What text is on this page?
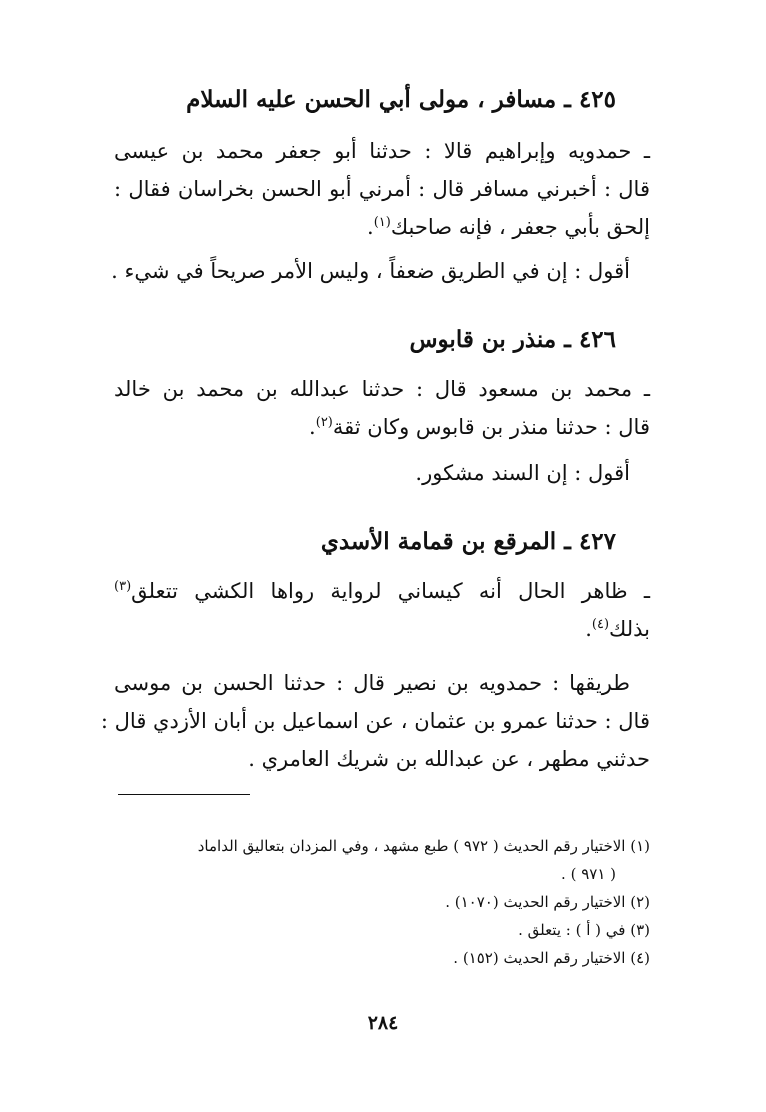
٤٢٥ ـ مسافر ، مولى أبي الحسن عليه السلام
ـ حمدويه وإبراهيم قالا : حدثنا أبو جعفر محمد بن عيسى
قال : أخبرني مسافر قال : أمرني أبو الحسن بخراسان فقال :
إلحق بأبي جعفر ، فإنه صاحبك$^{(١)}$.
أقول : إن في الطريق ضعفاً ، وليس الأمر صريحاً في شيء .
٤٢٦ ـ منذر بن قابوس
ـ محمد بن مسعود قال : حدثنا عبدالله بن محمد بن خالد
قال : حدثنا منذر بن قابوس وكان ثقة$^{(٢)}$.
أقول : إن السند مشكور.
٤٢٧ ـ المرقع بن قمامة الأسدي
ـ ظاهر الحال أنه كيساني لرواية رواها الكشي تتعلق$^{(٣)}$
بذلك$^{(٤)}$.
طريقها : حمدويه بن نصير قال : حدثنا الحسن بن موسى
قال : حدثنا عمرو بن عثمان ، عن اسماعيل بن أبان الأزدي قال :
حدثني مطهر ، عن عبدالله بن شريك العامري .
(١) الاختيار رقم الحديث ( ٩٧٢ ) طبع مشهد ، وفي المزدان بتعاليق الداماد
( ٩٧١ ) .
(٢) الاختيار رقم الحديث (١٠٧٠) .
(٣) في ( أ ) : يتعلق .
(٤) الاختيار رقم الحديث (١٥٢) .
٢٨٤
